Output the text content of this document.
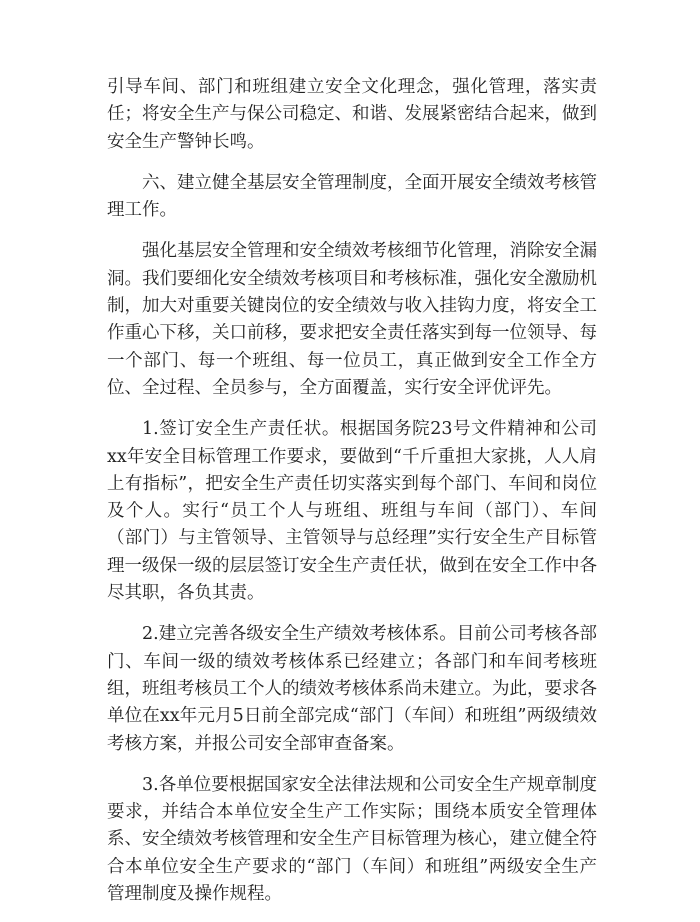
引导车间、部门和班组建立安全文化理念，强化管理，落实责任；将安全生产与保公司稳定、和谐、发展紧密结合起来，做到安全生产警钟长鸣。

六、建立健全基层安全管理制度，全面开展安全绩效考核管理工作。

强化基层安全管理和安全绩效考核细节化管理，消除安全漏洞。我们要细化安全绩效考核项目和考核标准，强化安全激励机制，加大对重要关键岗位的安全绩效与收入挂钩力度，将安全工作重心下移，关口前移，要求把安全责任落实到每一位领导、每一个部门、每一个班组、每一位员工，真正做到安全工作全方位、全过程、全员参与，全方面覆盖，实行安全评优评先。

1.签订安全生产责任状。根据国务院23号文件精神和公司xx年安全目标管理工作要求，要做到“千斤重担大家挑，人人肩上有指标”，把安全生产责任切实落实到每个部门、车间和岗位及个人。实行“员工个人与班组、班组与车间（部门）、车间（部门）与主管领导、主管领导与总经理”实行安全生产目标管理一级保一级的层层签订安全生产责任状，做到在安全工作中各尽其职，各负其责。

2.建立完善各级安全生产绩效考核体系。目前公司考核各部门、车间一级的绩效考核体系已经建立；各部门和车间考核班组，班组考核员工个人的绩效考核体系尚未建立。为此，要求各单位在xx年元月5日前全部完成“部门（车间）和班组”两级绩效考核方案，并报公司安全部审查备案。

3.各单位要根据国家安全法律法规和公司安全生产规章制度要求，并结合本单位安全生产工作实际；围绕本质安全管理体系、安全绩效考核管理和安全生产目标管理为核心，建立健全符合本单位安全生产要求的“部门（车间）和班组”两级安全生产管理制度及操作规程。
